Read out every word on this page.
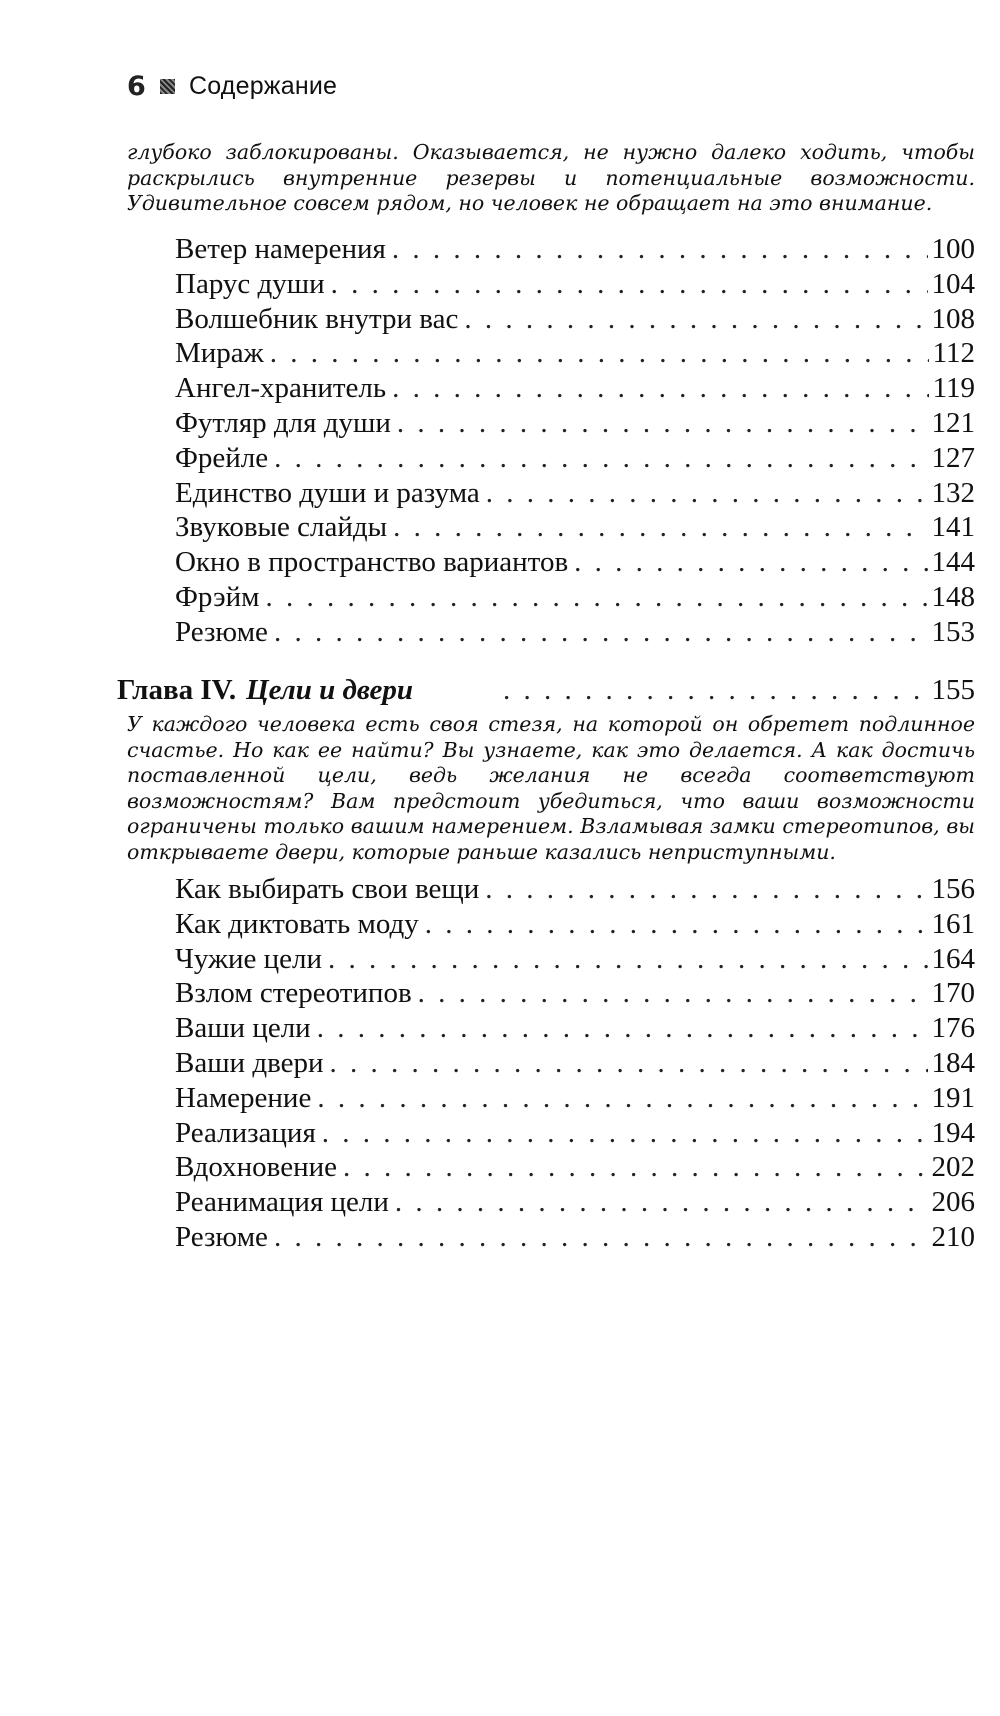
6 Содержание

глубоко заблокированы. Оказывается, не нужно далеко ходить, чтобы раскрылись внутренние резервы и потенциальные возможности. Удивительное совсем рядом, но человек не обращает на это внимание.

Ветер намерения . . .	100
Парус души . . .	104
Волшебник внутри вас . . .	108
Мираж . . .	112
Ангел-хранитель . . .	119
Футляр для души . . .	121
Фрейле . . .	127
Единство души и разума . . .	132
Звуковые слайды . . .	141
Окно в пространство вариантов . . .	144
Фрэйм . . .	148
Резюме . . .	153
Глава IV. Цели и двери . . .	155

У каждого человека есть своя стезя, на которой он обретет подлинное счастье. Но как ее найти? Вы узнаете, как это делается. А как достичь поставленной цели, ведь желания не всегда соответствуют возможностям? Вам предстоит убедиться, что ваши возможности ограничены только вашим намерением. Взламывая замки стереотипов, вы открываете двери, которые раньше казались неприступными.

Как выбирать свои вещи . . .	156
Как диктовать моду . . .	161
Чужие цели . . .	164
Взлом стереотипов . . .	170
Ваши цели . . .	176
Ваши двери . . .	184
Намерение . . .	191
Реализация . . .	194
Вдохновение . . .	202
Реанимация цели . . .	206
Резюме . . .	210
